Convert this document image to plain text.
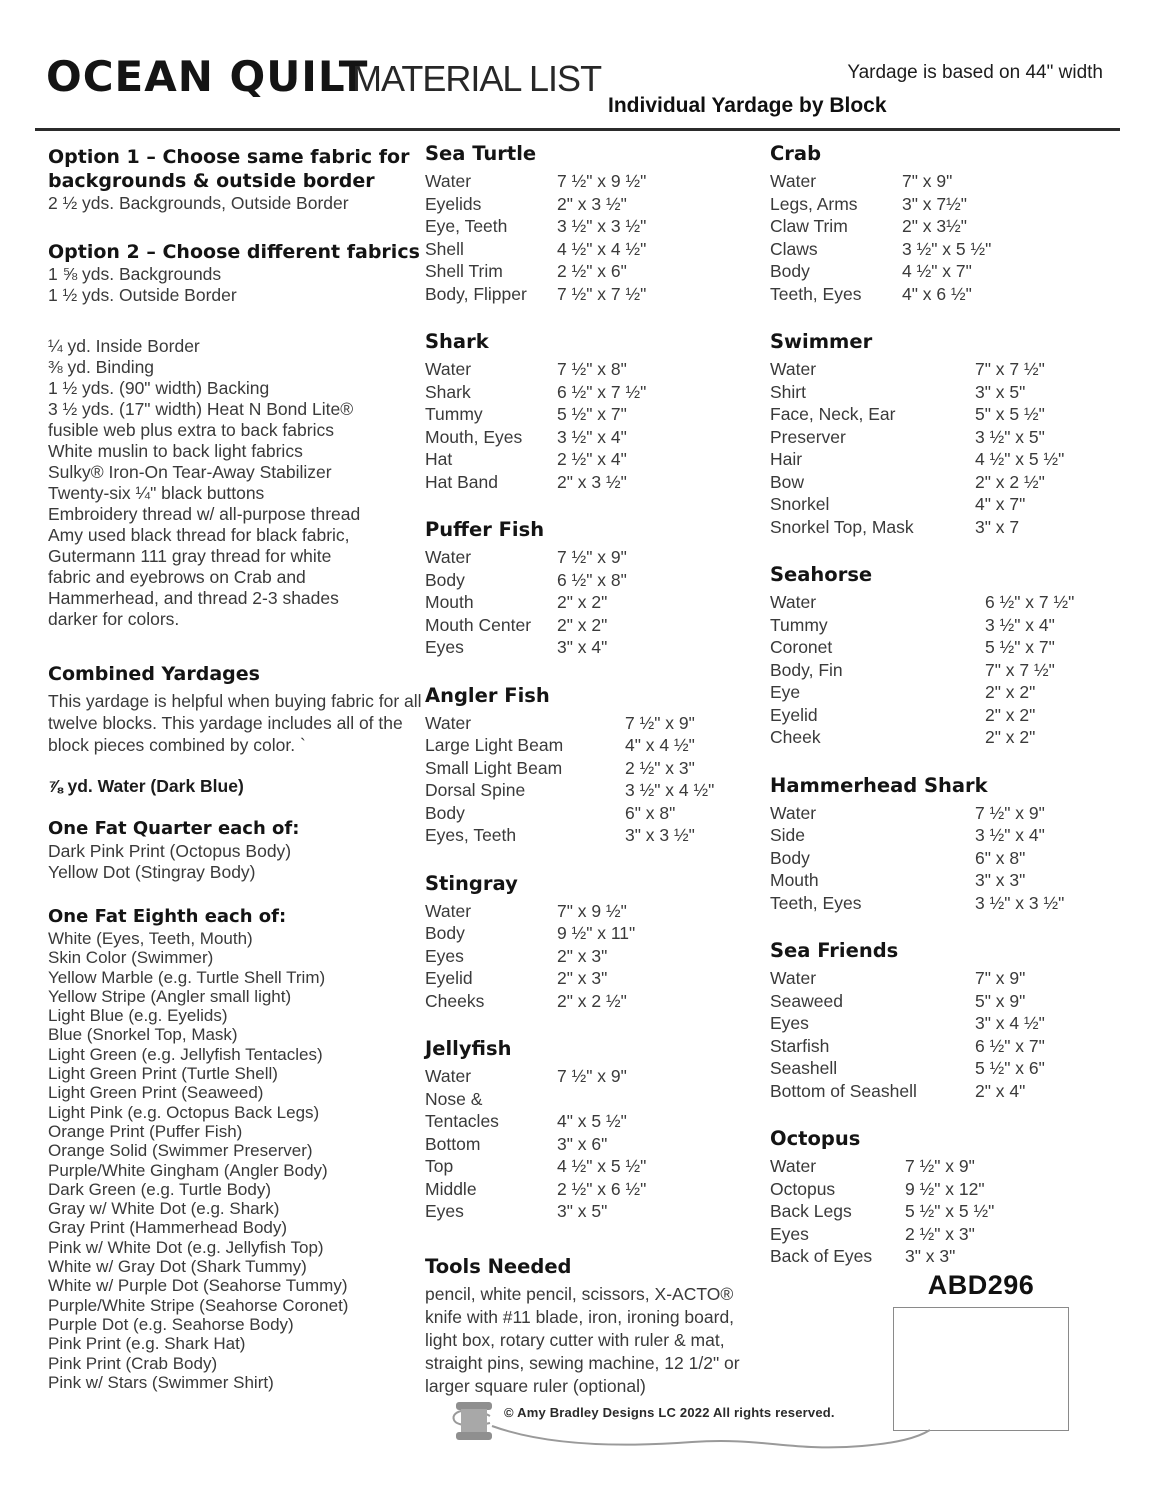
OCEAN QUILT
MATERIAL LIST	Yardage is based on 44" width
Individual Yardage by Block
Option 1 – Choose same fabric for
backgrounds & outside border
2 ½ yds. Backgrounds, Outside Border
Option 2 – Choose different fabrics
1 ⅝ yds. Backgrounds
1 ½ yds. Outside Border
¼ yd. Inside Border
⅜ yd. Binding
1 ½ yds. (90" width) Backing
3 ½ yds. (17" width) Heat N Bond Lite®
fusible web plus extra to back fabrics
White muslin to back light fabrics
Sulky® Iron-On Tear-Away Stabilizer
Twenty-six ¼" black buttons
Embroidery thread w/ all-purpose thread
Amy used black thread for black fabric,
Gutermann 111 gray thread for white
fabric and eyebrows on Crab and
Hammerhead, and thread 2-3 shades
darker for colors.
Combined Yardages
This yardage is helpful when buying fabric for all twelve blocks. This yardage includes all of the block pieces combined by color. `
⅞ yd. Water (Dark Blue)
One Fat Quarter each of:
Dark Pink Print (Octopus Body)
Yellow Dot (Stingray Body)
One Fat Eighth each of:
White (Eyes, Teeth, Mouth)
Skin Color (Swimmer)
Yellow Marble (e.g. Turtle Shell Trim)
Yellow Stripe (Angler small light)
Light Blue (e.g. Eyelids)
Blue (Snorkel Top, Mask)
Light Green (e.g. Jellyfish Tentacles)
Light Green Print (Turtle Shell)
Light Green Print (Seaweed)
Light Pink (e.g. Octopus Back Legs)
Orange Print (Puffer Fish)
Orange Solid (Swimmer Preserver)
Purple/White Gingham (Angler Body)
Dark Green (e.g. Turtle Body)
Gray w/ White Dot (e.g. Shark)
Gray Print (Hammerhead Body)
Pink w/ White Dot (e.g. Jellyfish Top)
White w/ Gray Dot (Shark Tummy)
White w/ Purple Dot (Seahorse Tummy)
Purple/White Stripe (Seahorse Coronet)
Purple Dot (e.g. Seahorse Body)
Pink Print (e.g. Shark Hat)
Pink Print (Crab Body)
Pink w/ Stars (Swimmer Shirt)
Sea Turtle
Water	7 ½" x 9 ½"
Eyelids	2" x 3 ½"
Eye, Teeth	3 ½" x 3 ½"
Shell	4 ½" x 4 ½"
Shell Trim	2 ½" x 6"
Body, Flipper	7 ½" x 7 ½"
Shark
Water	7 ½" x 8"
Shark	6 ½" x 7 ½"
Tummy	5 ½" x 7"
Mouth, Eyes	3 ½" x 4"
Hat	2 ½" x 4"
Hat Band	2" x 3 ½"
Puffer Fish
Water	7 ½" x 9"
Body	6 ½" x 8"
Mouth	2" x 2"
Mouth Center	2" x 2"
Eyes	3" x 4"
Angler Fish
Water	7 ½" x 9"
Large Light Beam	4" x 4 ½"
Small Light Beam	2 ½" x 3"
Dorsal Spine	3 ½" x 4 ½"
Body	6" x 8"
Eyes, Teeth	3" x 3 ½"
Stingray
Water	7" x 9 ½"
Body	9 ½" x 11"
Eyes	2" x 3"
Eyelid	2" x 3"
Cheeks	2" x 2 ½"
Jellyfish
Water	7 ½" x 9"
Nose &
Tentacles	4" x 5 ½"
Bottom	3" x 6"
Top	4 ½" x 5 ½"
Middle	2 ½" x 6 ½"
Eyes	3" x 5"
Tools Needed
pencil, white pencil, scissors, X-ACTO® knife with #11 blade, iron, ironing board, light box, rotary cutter with ruler & mat, straight pins, sewing machine, 12 1/2" or larger square ruler (optional)
Crab
Water	7" x 9"
Legs, Arms	3" x 7½"
Claw Trim	2" x 3½"
Claws	3 ½" x 5 ½"
Body	4 ½" x 7"
Teeth, Eyes	4" x 6 ½"
Swimmer
Water	7" x 7 ½"
Shirt	3" x 5"
Face, Neck, Ear	5" x 5 ½"
Preserver	3 ½" x 5"
Hair	4 ½" x 5 ½"
Bow	2" x 2 ½"
Snorkel	4" x 7"
Snorkel Top, Mask	3" x 7
Seahorse
Water	6 ½" x 7 ½"
Tummy	3 ½" x 4"
Coronet	5 ½" x 7"
Body, Fin	7" x 7 ½"
Eye	2" x 2"
Eyelid	2" x 2"
Cheek	2" x 2"
Hammerhead Shark
Water	7 ½" x 9"
Side	3 ½" x 4"
Body	6" x 8"
Mouth	3" x 3"
Teeth, Eyes	3 ½" x 3 ½"
Sea Friends
Water	7" x 9"
Seaweed	5" x 9"
Eyes	3" x 4 ½"
Starfish	6 ½" x 7"
Seashell	5 ½" x 6"
Bottom of Seashell	2" x 4"
Octopus
Water	7 ½" x 9"
Octopus	9 ½" x 12"
Back Legs	5 ½" x 5 ½"
Eyes	2 ½" x 3"
Back of Eyes	3" x 3"
ABD296
© Amy Bradley Designs LC 2022 All rights reserved.
